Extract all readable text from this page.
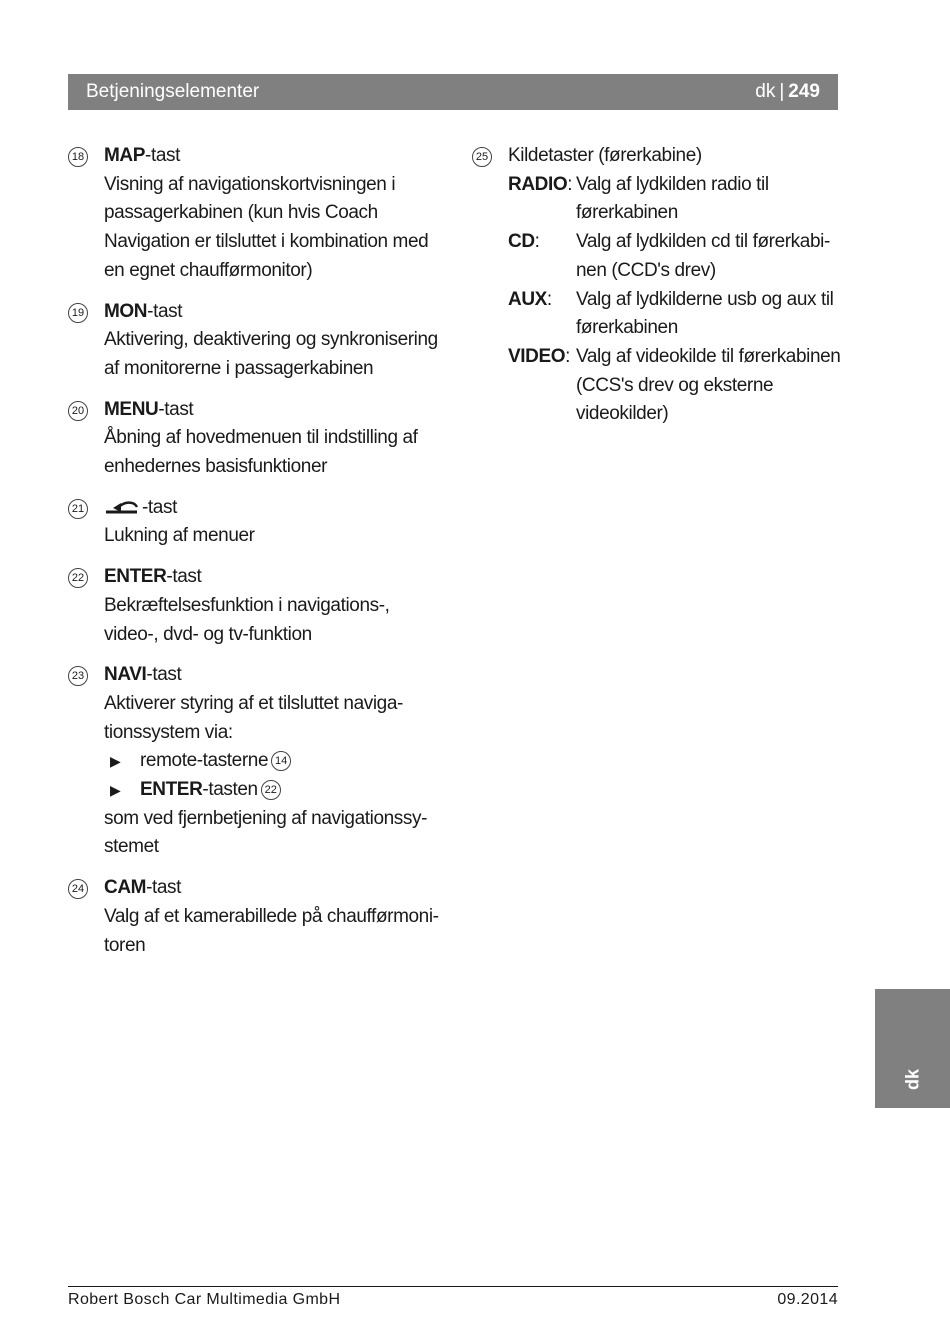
Betjeningselementer	dk | 249
18 MAP-tast
Visning af navigationskortvisningen i
passagerkabinen (kun hvis Coach
Navigation er tilsluttet i kombination med
en egnet chaufførmonitor)
19 MON-tast
Aktivering, deaktivering og synkronisering
af monitorerne i passagerkabinen
20 MENU-tast
Åbning af hovedmenuen til indstilling af
enhedernes basisfunktioner
21	-tast
Lukning af menuer
22 ENTER-tast
Bekræftelsesfunktion i navigations-,
video-, dvd- og tv-funktion
23 NAVI-tast
Aktiverer styring af et tilsluttet naviga-
tionssystem via:
▶ remote-tasterne 14
▶ ENTER-tasten 22
som ved fjernbetjening af navigationssy-
stemet
24 CAM-tast
Valg af et kamerabillede på chaufførmoni-
toren
25 Kildetaster (førerkabine)
RADIO: Valg af lydkilden radio til
førerkabinen
CD:	Valg af lydkilden cd til førerkabi-
nen (CCD's drev)
AUX:	Valg af lydkilderne usb og aux til
førerkabinen
VIDEO: Valg af videokilde til førerkabinen
(CCS's drev og eksterne
videokilder)
dk
Robert Bosch Car Multimedia GmbH	09.2014
